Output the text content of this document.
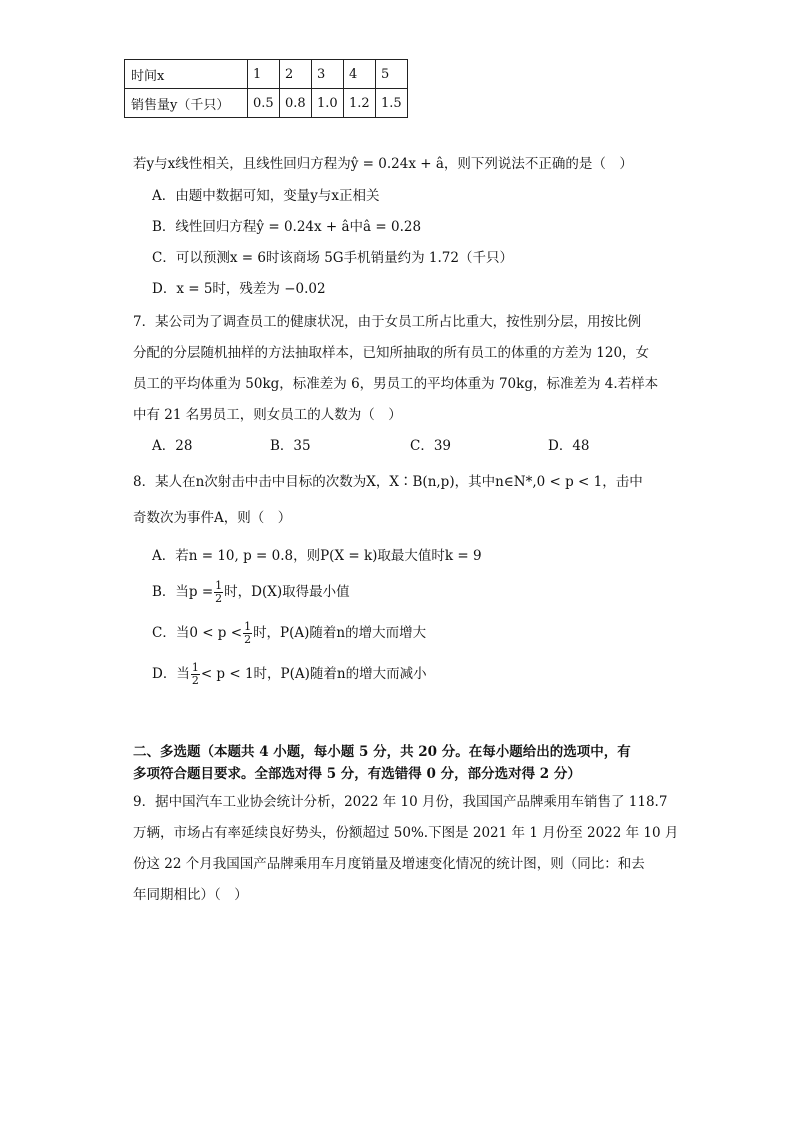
时间x	1	2	3	4	5
销售量y（千只）	0.5	0.8	1.0	1.2	1.5
若y与x线性相关，且线性回归方程为ŷ = 0.24x + â，则下列说法不正确的是（　）
A．由题中数据可知，变量y与x正相关
B．线性回归方程ŷ = 0.24x + â中â = 0.28
C．可以预测x = 6时该商场 5G手机销量约为 1.72（千只）
D．x = 5时，残差为 −0.02
7．某公司为了调查员工的健康状况，由于女员工所占比重大，按性别分层，用按比例
分配的分层随机抽样的方法抽取样本，已知所抽取的所有员工的体重的方差为 120，女
员工的平均体重为 50kg，标准差为 6，男员工的平均体重为 70kg，标准差为 4.若样本
中有 21 名男员工，则女员工的人数为（　）
A．28	B．35	C．39	D．48
8．某人在n次射击中击中目标的次数为X，X∶B(n,p)，其中n∈N*,0 < p < 1，击中
奇数次为事件A，则（　）
A．若n = 10, p = 0.8，则P(X = k)取最大值时k = 9
B．当$p = \frac{1}{2}$ 时，D(X)取得最小值
C．当$0 < p < \frac{1}{2}$ 时，P(A)随着n的增大而增大
D．当 $\frac{1}{2} < p < 1$时，P(A)随着n的增大而减小
二、多选题（本题共 4 小题，每小题 5 分，共 20 分。在每小题给出的选项中，有
多项符合题目要求。全部选对得 5 分，有选错得 0 分，部分选对得 2 分）
9．据中国汽车工业协会统计分析，2022 年 10 月份，我国国产品牌乘用车销售了 118.7
万辆，市场占有率延续良好势头，份额超过 50%.下图是 2021 年 1 月份至 2022 年 10 月
份这 22 个月我国国产品牌乘用车月度销量及增速变化情况的统计图，则（同比：和去
年同期相比）（　）
